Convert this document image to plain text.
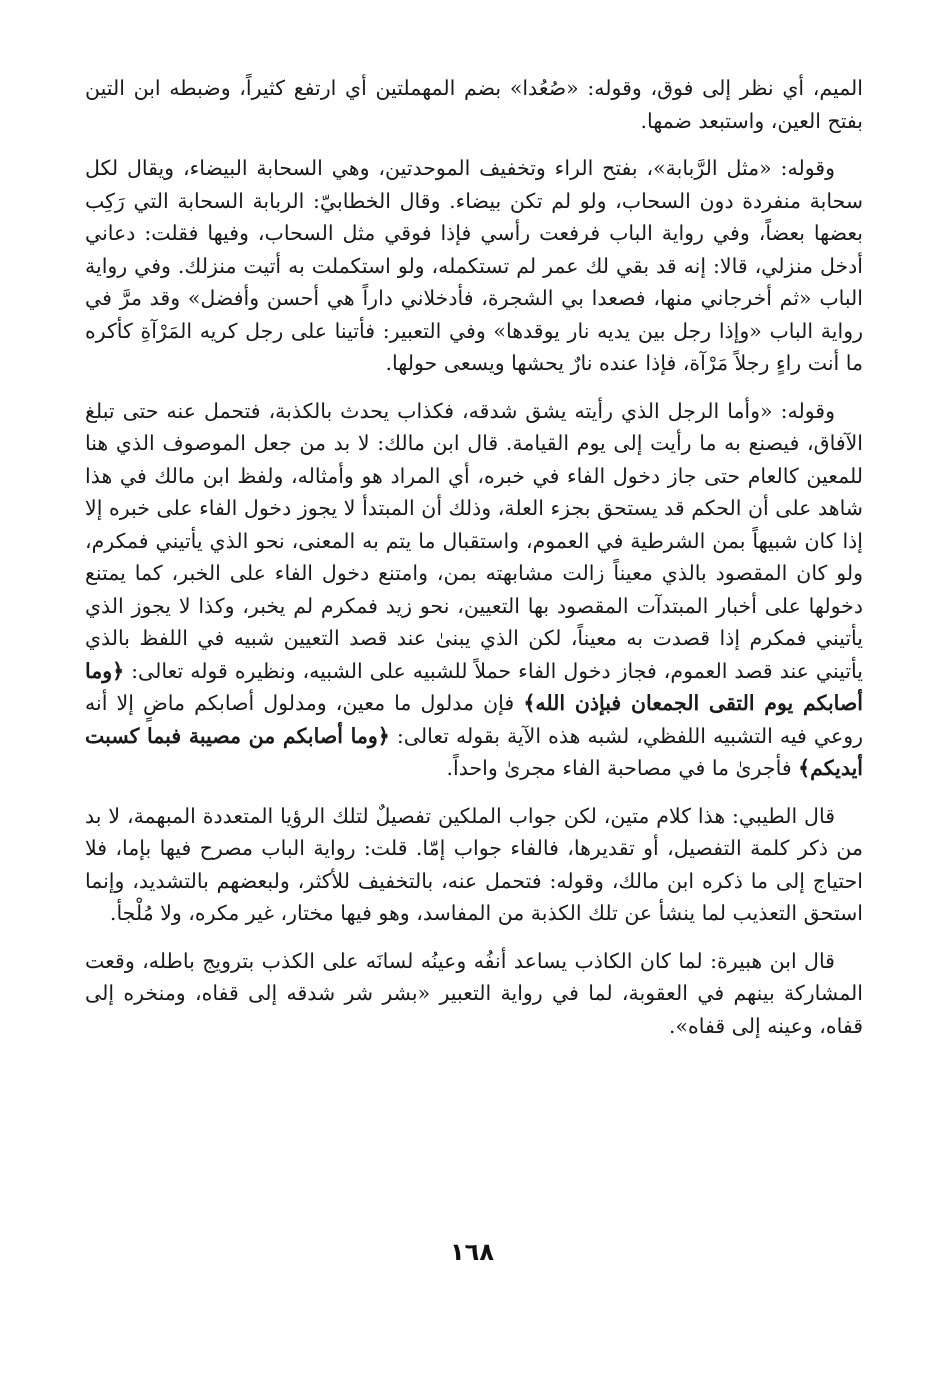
الميم، أي نظر إلى فوق، وقوله: «صُعُدا» بضم المهملتين أي ارتفع كثيراً، وضبطه ابن التين بفتح العين، واستبعد ضمها.

وقوله: «مثل الرَّبابة»، بفتح الراء وتخفيف الموحدتين، وهي السحابة البيضاء، ويقال لكل سحابة منفردة دون السحاب، ولو لم تكن بيضاء. وقال الخطابيّ: الربابة السحابة التي رَكِب بعضها بعضاً، وفي رواية الباب فرفعت رأسي فإذا فوقي مثل السحاب، وفيها فقلت: دعاني أدخل منزلي، قالا: إنه قد بقي لك عمر لم تستكمله، ولو استكملت به أتيت منزلك. وفي رواية الباب «ثم أخرجاني منها، فصعدا بي الشجرة، فأدخلاني داراً هي أحسن وأفضل» وقد مرَّ في رواية الباب «وإذا رجل بين يديه نار يوقدها» وفي التعبير: فأتينا على رجل كريه المَرْآةِ كأكره ما أنت راءٍ رجلاً مَرْآة، فإذا عنده نارٌ يحشها ويسعى حولها.

وقوله: «وأما الرجل الذي رأيته يشق شدقه، فكذاب يحدث بالكذبة، فتحمل عنه حتى تبلغ الآفاق، فيصنع به ما رأيت إلى يوم القيامة. قال ابن مالك: لا بد من جعل الموصوف الذي هنا للمعين كالعام حتى جاز دخول الفاء في خبره، أي المراد هو وأمثاله، ولفظ ابن مالك في هذا شاهد على أن الحكم قد يستحق بجزء العلة، وذلك أن المبتدأ لا يجوز دخول الفاء على خبره إلا إذا كان شبيهاً بمن الشرطية في العموم، واستقبال ما يتم به المعنى، نحو الذي يأتيني فمكرم، ولو كان المقصود بالذي معيناً زالت مشابهته بمن، وامتنع دخول الفاء على الخبر، كما يمتنع دخولها على أخبار المبتدآت المقصود بها التعيين، نحو زيد فمكرم لم يخبر، وكذا لا يجوز الذي يأتيني فمكرم إذا قصدت به معيناً، لكن الذي يبنىٰ عند قصد التعيين شبيه في اللفظ بالذي يأتيني عند قصد العموم، فجاز دخول الفاء حملاً للشبيه على الشبيه، ونظيره قوله تعالى: ﴿وما أصابكم يوم التقى الجمعان فبإذن الله﴾ فإن مدلول ما معين، ومدلول أصابكم ماضٍ إلا أنه روعي فيه التشبيه اللفظي، لشبه هذه الآية بقوله تعالى: ﴿وما أصابكم من مصيبة فبما كسبت أيديكم﴾ فأجرىٰ ما في مصاحبة الفاء مجرىٰ واحداً.

قال الطيبي: هذا كلام متين، لكن جواب الملكين تفصيلٌ لتلك الرؤيا المتعددة المبهمة، لا بد من ذكر كلمة التفصيل، أو تقديرها، فالفاء جواب إمّا. قلت: رواية الباب مصرح فيها بإما، فلا احتياج إلى ما ذكره ابن مالك، وقوله: فتحمل عنه، بالتخفيف للأكثر، ولبعضهم بالتشديد، وإنما استحق التعذيب لما ينشأ عن تلك الكذبة من المفاسد، وهو فيها مختار، غير مكره، ولا مُلْجأ.

قال ابن هبيرة: لما كان الكاذب يساعد أنفُه وعينُه لسانَه على الكذب بترويج باطله، وقعت المشاركة بينهم في العقوبة، لما في رواية التعبير «بشر شر شدقه إلى قفاه، ومنخره إلى قفاه، وعينه إلى قفاه».

١٦٨
